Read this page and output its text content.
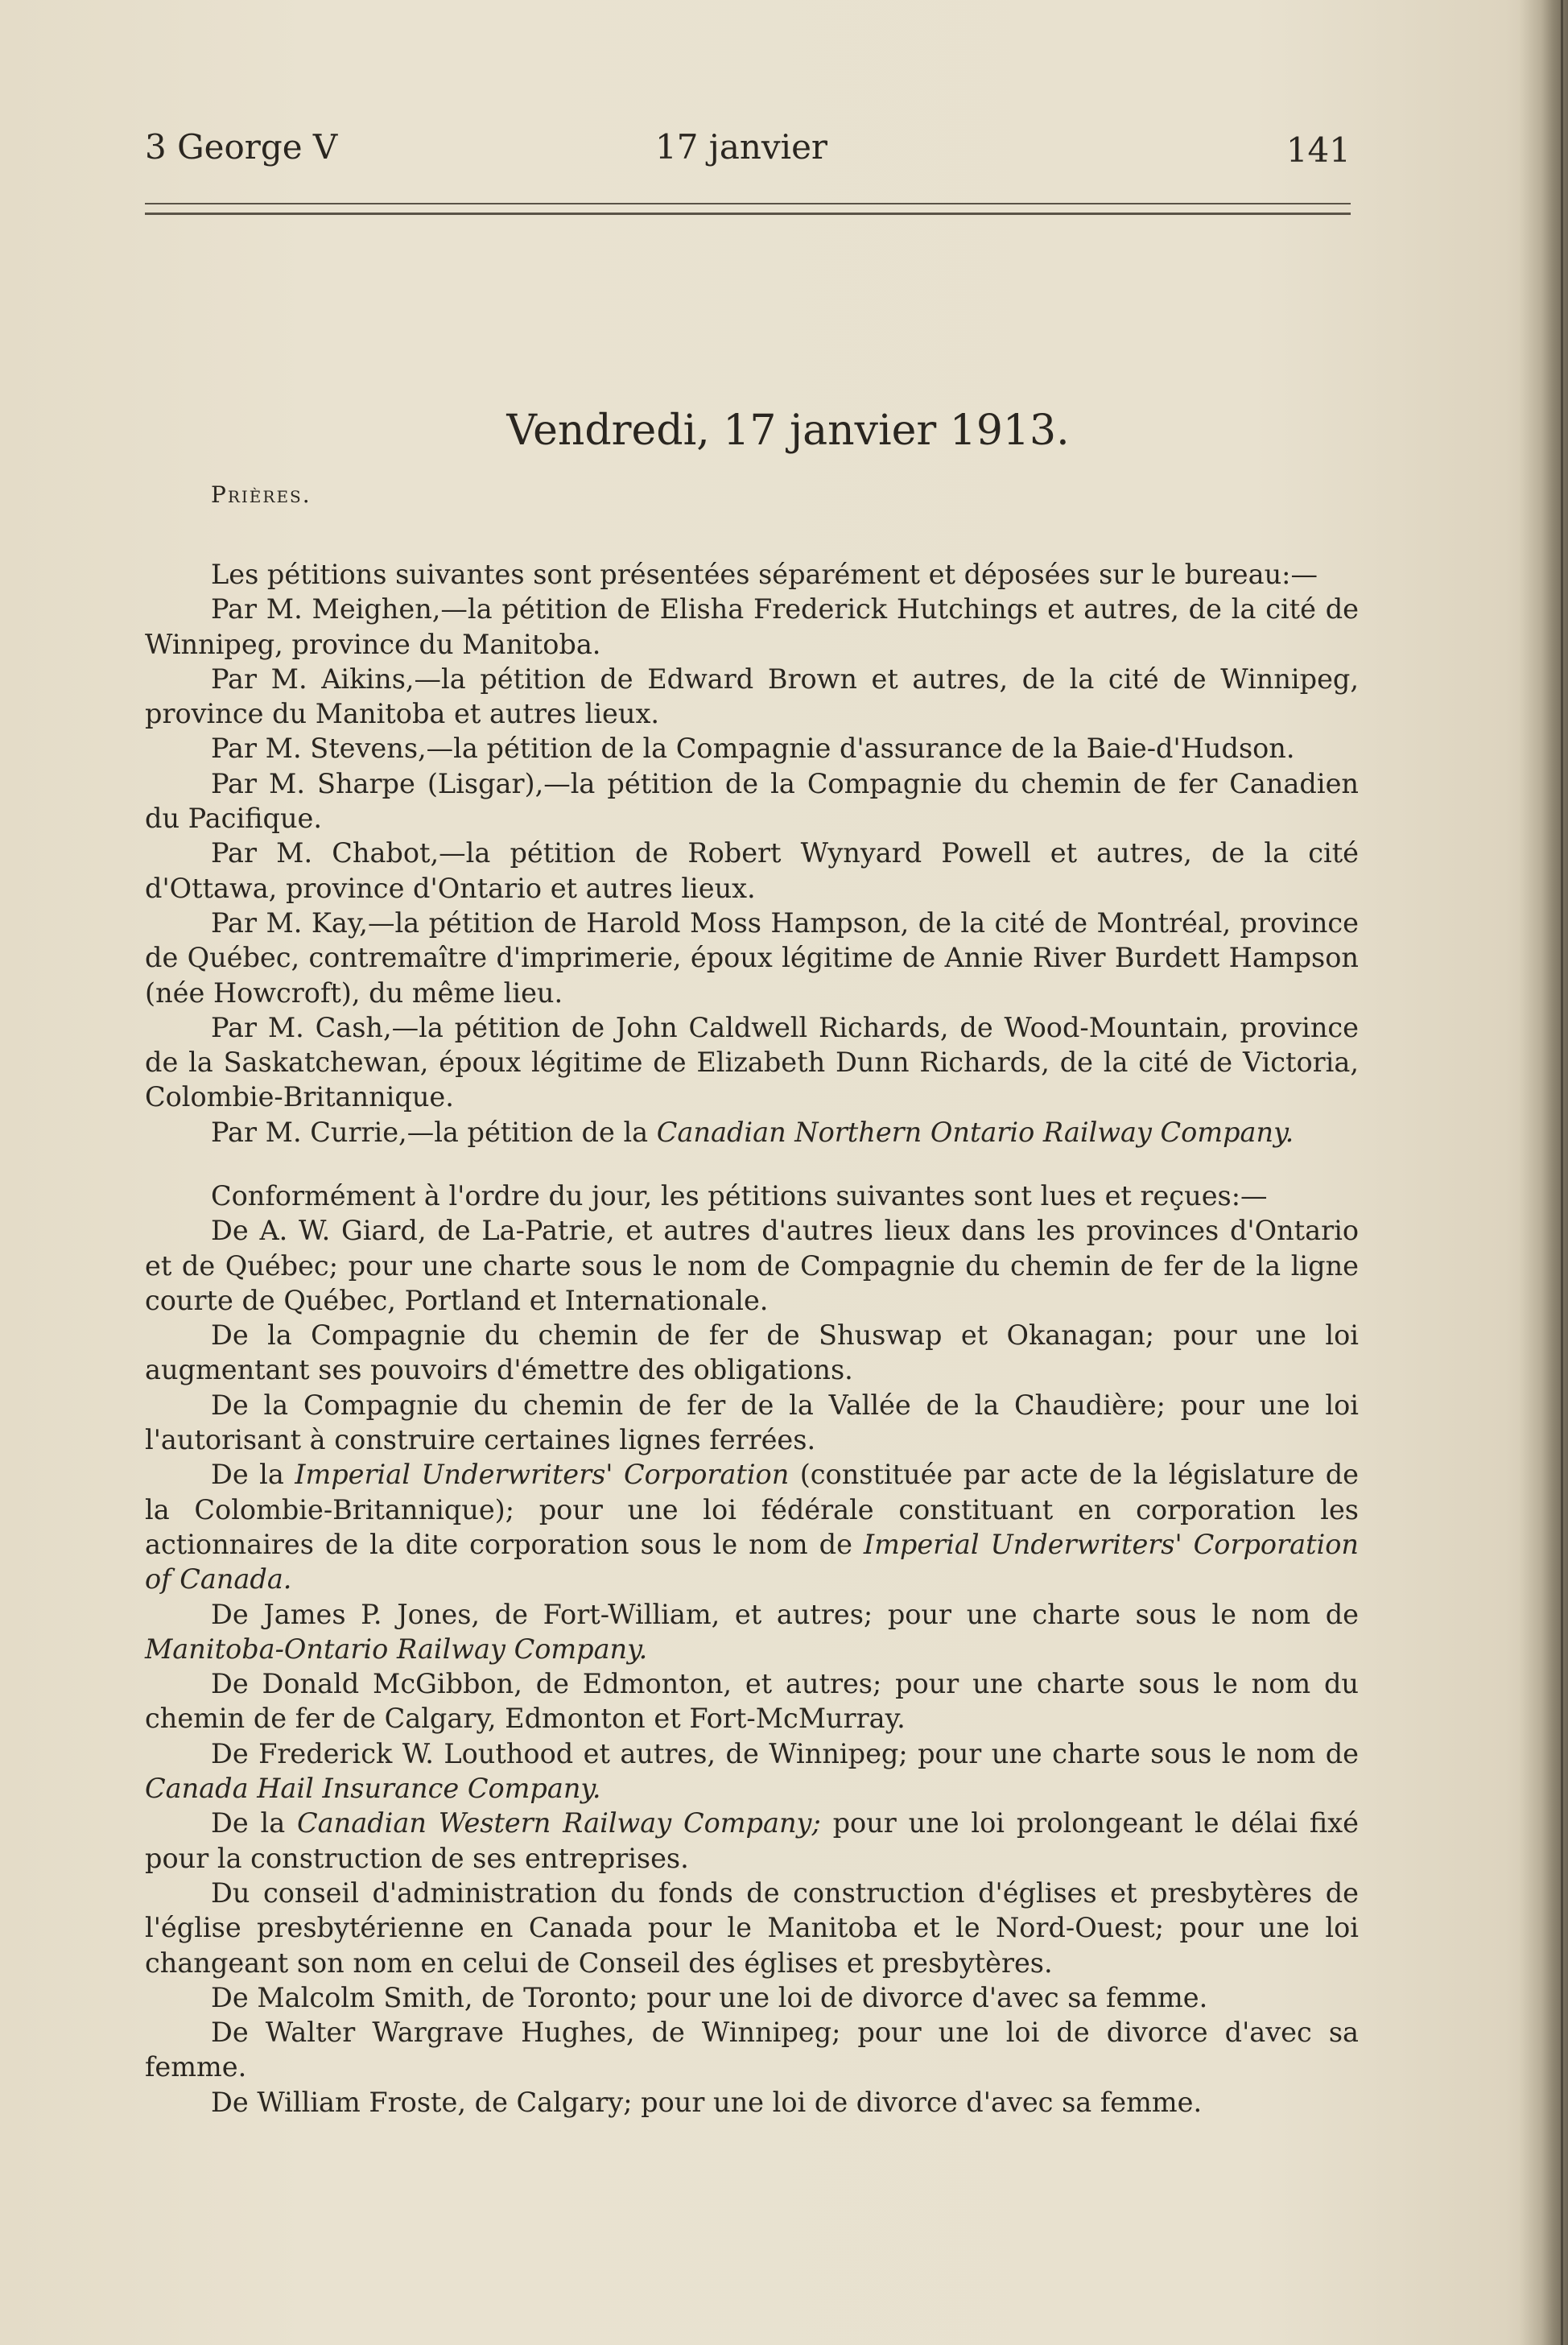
3 George V	17 janvier	141
Vendredi, 17 janvier 1913.
Prières.

Les pétitions suivantes sont présentées séparément et déposées sur le bureau:—

Par M. Meighen,—la pétition de Elisha Frederick Hutchings et autres, de la cité de Winnipeg, province du Manitoba.

Par M. Aikins,—la pétition de Edward Brown et autres, de la cité de Winnipeg, province du Manitoba et autres lieux.

Par M. Stevens,—la pétition de la Compagnie d'assurance de la Baie-d'Hudson.

Par M. Sharpe (Lisgar),—la pétition de la Compagnie du chemin de fer Canadien du Pacifique.

Par M. Chabot,—la pétition de Robert Wynyard Powell et autres, de la cité d'Ottawa, province d'Ontario et autres lieux.

Par M. Kay,—la pétition de Harold Moss Hampson, de la cité de Montréal, province de Québec, contremaître d'imprimerie, époux légitime de Annie River Burdett Hampson (née Howcroft), du même lieu.

Par M. Cash,—la pétition de John Caldwell Richards, de Wood-Mountain, province de la Saskatchewan, époux légitime de Elizabeth Dunn Richards, de la cité de Victoria, Colombie-Britannique.

Par M. Currie,—la pétition de la Canadian Northern Ontario Railway Company.

Conformément à l'ordre du jour, les pétitions suivantes sont lues et reçues:—

De A. W. Giard, de La-Patrie, et autres d'autres lieux dans les provinces d'Ontario et de Québec; pour une charte sous le nom de Compagnie du chemin de fer de la ligne courte de Québec, Portland et Internationale.

De la Compagnie du chemin de fer de Shuswap et Okanagan; pour une loi augmentant ses pouvoirs d'émettre des obligations.

De la Compagnie du chemin de fer de la Vallée de la Chaudière; pour une loi l'autorisant à construire certaines lignes ferrées.

De la Imperial Underwriters' Corporation (constituée par acte de la législature de la Colombie-Britannique); pour une loi fédérale constituant en corporation les actionnaires de la dite corporation sous le nom de Imperial Underwriters' Corporation of Canada.

De James P. Jones, de Fort-William, et autres; pour une charte sous le nom de Manitoba-Ontario Railway Company.

De Donald McGibbon, de Edmonton, et autres; pour une charte sous le nom du chemin de fer de Calgary, Edmonton et Fort-McMurray.

De Frederick W. Louthood et autres, de Winnipeg; pour une charte sous le nom de Canada Hail Insurance Company.

De la Canadian Western Railway Company; pour une loi prolongeant le délai fixé pour la construction de ses entreprises.

Du conseil d'administration du fonds de construction d'églises et presbytères de l'église presbytérienne en Canada pour le Manitoba et le Nord-Ouest; pour une loi changeant son nom en celui de Conseil des églises et presbytères.

De Malcolm Smith, de Toronto; pour une loi de divorce d'avec sa femme.

De Walter Wargrave Hughes, de Winnipeg; pour une loi de divorce d'avec sa femme.

De William Froste, de Calgary; pour une loi de divorce d'avec sa femme.
